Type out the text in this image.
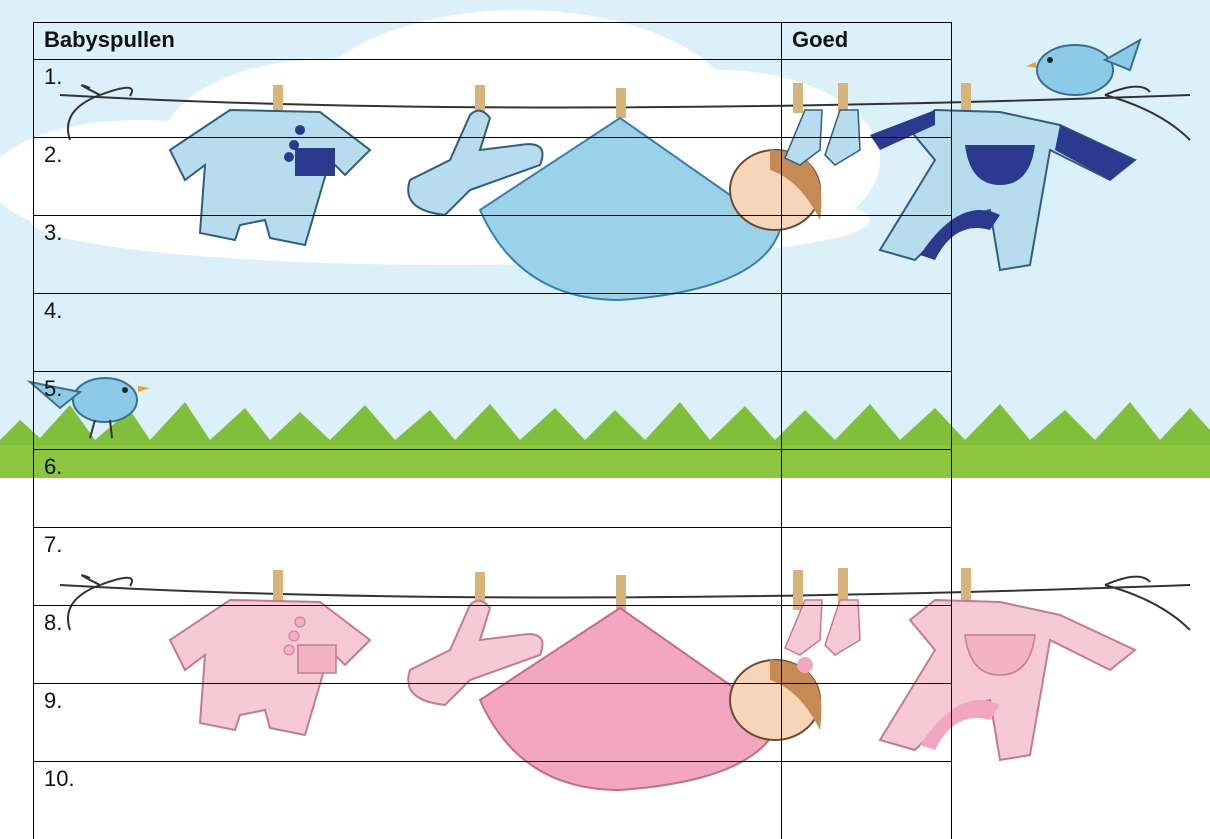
Babyspullen	Goed
1.	
2.	
3.	
4.	
5.	
6.	
7.	
8.	
9.	
10.	
